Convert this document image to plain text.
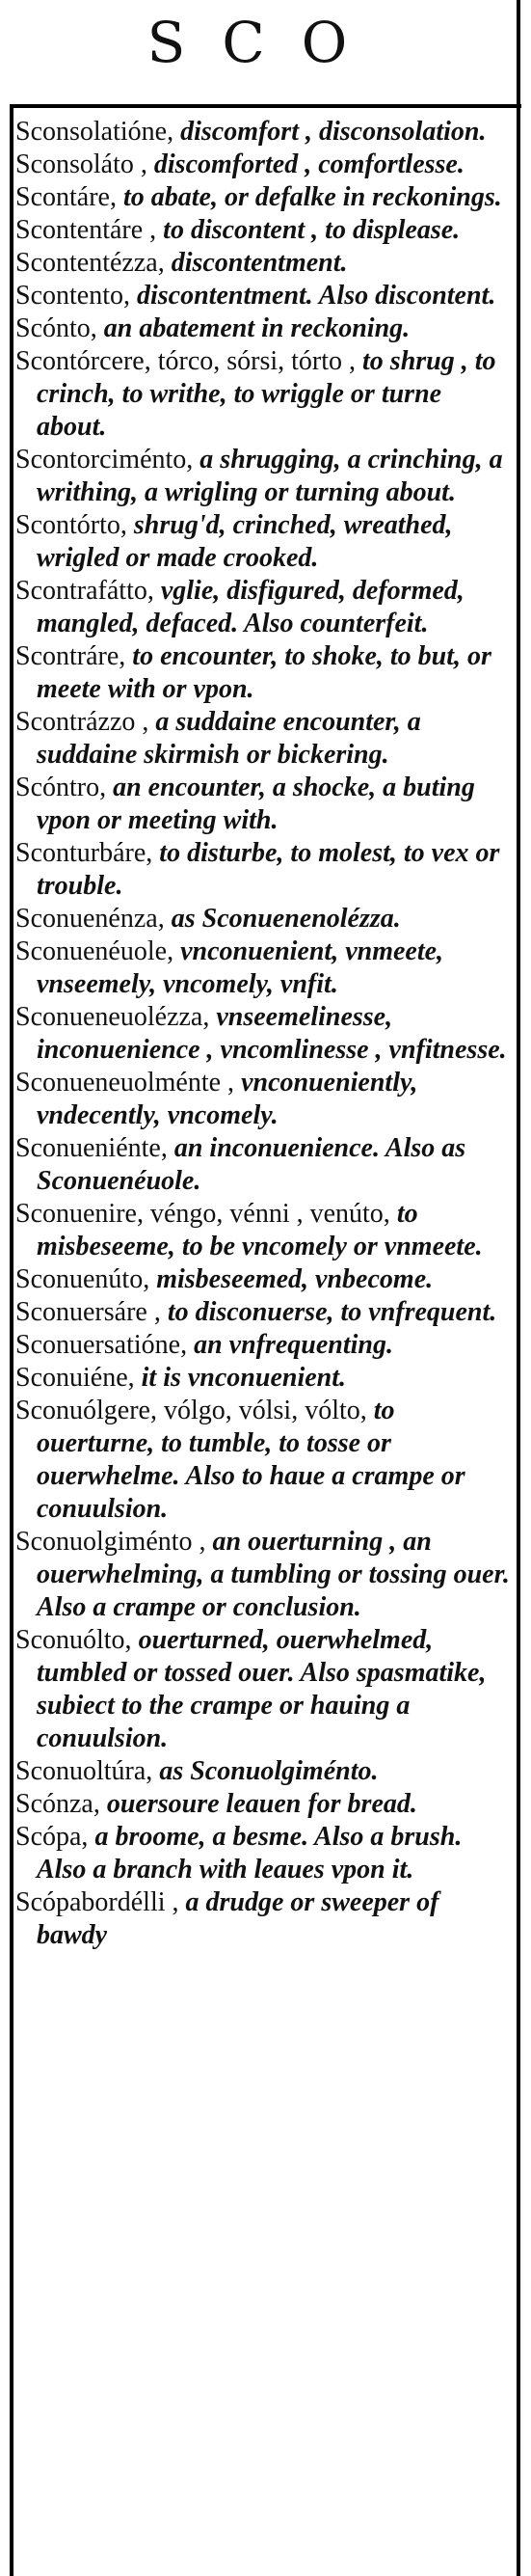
SCO

Sconsolatióne, discomfort , disconsolation.

Sconsoláto , discomforted , comfortlesse.

Scontáre, to abate, or defalke in reckonings.

Scontentáre , to discontent , to displease.

Scontentézza, discontentment.

Scontento, discontentment. Also discontent.

Scónto, an abatement in reckoning.

Scontórcere, tórco, sórsi, tórto , to shrug , to crinch, to writhe, to wriggle or turne about.

Scontorciménto, a shrugging, a crinching, a writhing, a wrigling or turning about.

Scontórto, shrug'd, crinched, wreathed, wrigled or made crooked.

Scontrafátto, vglie, disfigured, deformed, mangled, defaced. Also counterfeit.

Scontráre, to encounter, to shoke, to but, or meete with or vpon.

Scontrázzo , a suddaine encounter, a suddaine skirmish or bickering.

Scóntro, an encounter, a shocke, a buting vpon or meeting with.

Sconturbáre, to disturbe, to molest, to vex or trouble.

Sconuenénza, as Sconuenenolézza.

Sconuenéuole, vnconuenient, vnmeete, vnseemely, vncomely, vnfit.

Sconueneuolézza, vnseemelinesse, inconuenience , vncomlinesse , vnfitnesse.

Sconueneuolménte , vnconueniently, vndecently, vncomely.

Sconueniénte, an inconuenience. Also as Sconuenéuole.

Sconuenire, véngo, vénni , venúto, to misbeseeme, to be vncomely or vnmeete.

Sconuenúto, misbeseemed, vnbecome.

Sconuersáre , to disconuerse, to vnfrequent.

Sconuersatióne, an vnfrequenting.

Sconuiéne, it is vnconuenient.

Sconuólgere, vólgo, vólsi, vólto, to ouerturne, to tumble, to tosse or ouerwhelme. Also to haue a crampe or conuulsion.

Sconuolgiménto , an ouerturning , an ouerwhelming, a tumbling or tossing ouer. Also a crampe or conclusion.

Sconuólto, ouerturned, ouerwhelmed, tumbled or tossed ouer. Also spasmatike, subiect to the crampe or hauing a conuulsion.

Sconuoltúra, as Sconuolgiménto.

Scónza, ouersoure leauen for bread.

Scópa, a broome, a besme. Also a brush. Also a branch with leaues vpon it.

Scópabordélli , a drudge or sweeper of bawdy
